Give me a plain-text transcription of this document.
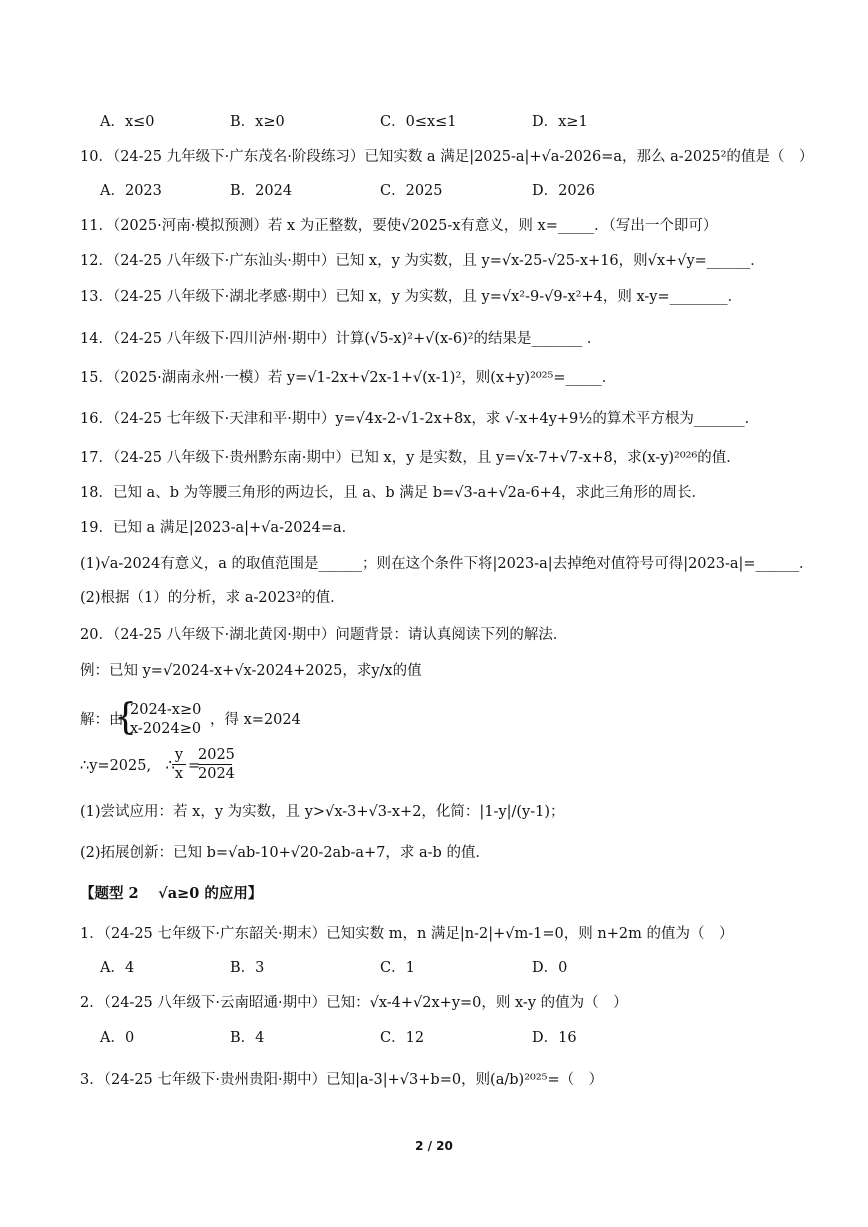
A．x≤0	B．x≥0	C．0≤x≤1	D．x≥1
10．（24-25 九年级下·广东茂名·阶段练习）已知实数 a 满足|2025-a|+√a-2026=a，那么 a-2025²的值是（　）
A．2023	B．2024	C．2025	D．2026
11．（2025·河南·模拟预测）若 x 为正整数，要使√2025-x有意义，则 x=_____．（写出一个即可）
12．（24-25 八年级下·广东汕头·期中）已知 x，y 为实数，且 y=√x-25-√25-x+16，则√x+√y=______．
13．（24-25 八年级下·湖北孝感·期中）已知 x，y 为实数，且 y=√x²-9-√9-x²+4，则 x-y=________．
14．（24-25 八年级下·四川泸州·期中）计算(√5-x)²+√(x-6)²的结果是_______ ．
15．（2025·湖南永州·一模）若 y=√1-2x+√2x-1+√(x-1)²，则(x+y)²⁰²⁵=_____．
16．（24-25 七年级下·天津和平·期中）y=√4x-2-√1-2x+8x，求 √-x+4y+9½的算术平方根为_______．
17．（24-25 八年级下·贵州黔东南·期中）已知 x，y 是实数，且 y=√x-7+√7-x+8，求(x-y)²⁰²⁶的值．
18．已知 a、b 为等腰三角形的两边长，且 a、b 满足 b=√3-a+√2a-6+4，求此三角形的周长．
19．已知 a 满足|2023-a|+√a-2024=a．
(1)√a-2024有意义，a 的取值范围是______；则在这个条件下将|2023-a|去掉绝对值符号可得|2023-a|=______．
(2)根据（1）的分析，求 a-2023²的值．
20．（24-25 八年级下·湖北黄冈·期中）问题背景：请认真阅读下列的解法．
例：已知 y=√2024-x+√x-2024+2025，求y/x的值
解：由
{
2024-x≥0
x-2024≥0
，得 x=2024
∴y=2025,　∴
$\frac{y}{x}$ =
$\frac{2025}{2024}$
(1)尝试应用：若 x，y 为实数，且 y>√x-3+√3-x+2，化简：|1-y|/(y-1)；
(2)拓展创新：已知 b=√ab-10+√20-2ab-a+7，求 a-b 的值．
【题型 2　 √a≥0 的应用】
1．（24-25 七年级下·广东韶关·期末）已知实数 m，n 满足|n-2|+√m-1=0，则 n+2m 的值为（　）
A．4	B．3	C．1	D．0
2．（24-25 八年级下·云南昭通·期中）已知：√x-4+√2x+y=0，则 x-y 的值为（　）
A．0	B．4	C．12	D．16
3．（24-25 七年级下·贵州贵阳·期中）已知|a-3|+√3+b=0，则(a/b)²⁰²⁵=（　）
2 / 20
